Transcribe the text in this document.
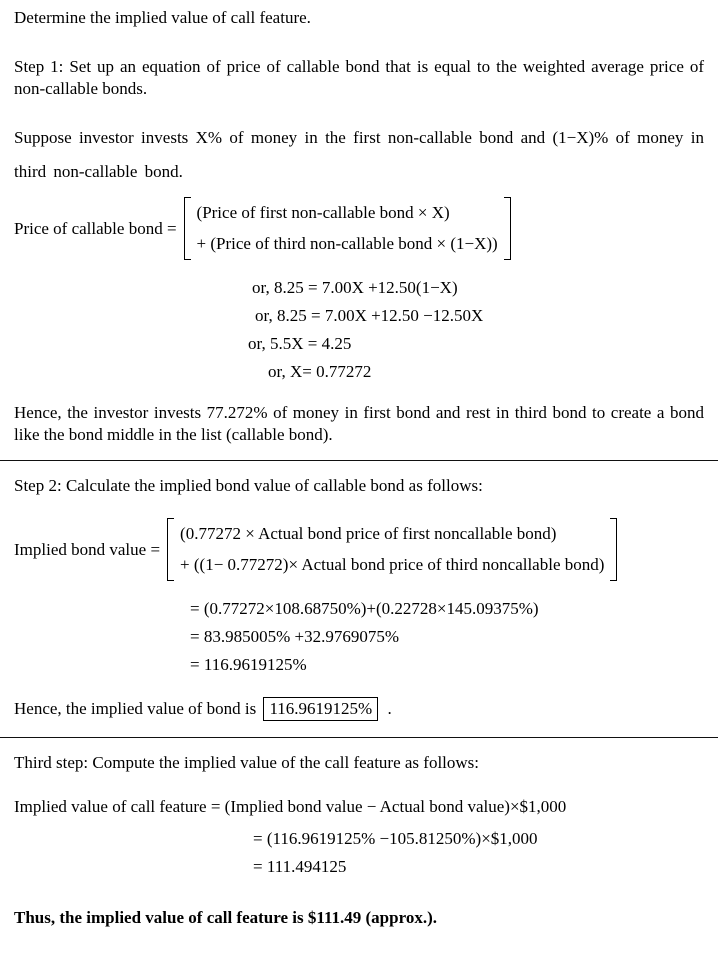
Determine the implied value of call feature.

Step 1: Set up an equation of price of callable bond that is equal to the weighted average price of non-callable bonds.

Suppose investor invests X% of money in the first non-callable bond and (1−X)% of money in third non-callable bond.

Price of callable bond =
(Price of first non-callable bond × X)
+ (Price of third non-callable bond × (1−X))
or, 8.25 = 7.00X +12.50(1−X)
or, 8.25 = 7.00X +12.50 −12.50X
or, 5.5X = 4.25
or, X= 0.77272

Hence, the investor invests 77.272% of money in first bond and rest in third bond to create a bond like the bond middle in the list (callable bond).

Step 2: Calculate the implied bond value of callable bond as follows:

Implied bond value =
(0.77272 × Actual bond price of first noncallable bond)
+ ((1− 0.77272)× Actual bond price of third noncallable bond)
= (0.77272×108.68750%)+(0.22728×145.09375%)
= 83.985005% +32.9769075%
= 116.9619125%

Hence, the implied value of bond is 116.9619125% .

Third step: Compute the implied value of the call feature as follows:

Implied value of call feature = (Implied bond value − Actual bond value)×$1,000

= (116.9619125% −105.81250%)×$1,000
= 111.494125

Thus, the implied value of call feature is $111.49 (approx.).
